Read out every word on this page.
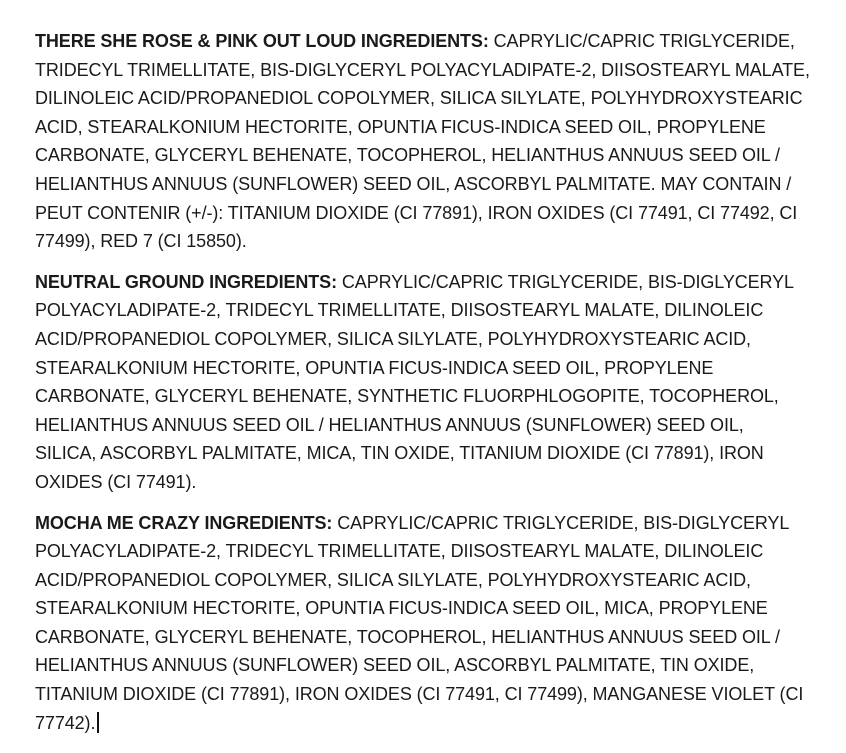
THERE SHE ROSE & PINK OUT LOUD INGREDIENTS: CAPRYLIC/CAPRIC TRIGLYCERIDE,
TRIDECYL TRIMELLITATE, BIS-DIGLYCERYL POLYACYLADIPATE-2, DIISOSTEARYL MALATE,
DILINOLEIC ACID/PROPANEDIOL COPOLYMER, SILICA SILYLATE, POLYHYDROXYSTEARIC
ACID, STEARALKONIUM HECTORITE, OPUNTIA FICUS-INDICA SEED OIL, PROPYLENE
CARBONATE, GLYCERYL BEHENATE, TOCOPHEROL, HELIANTHUS ANNUUS SEED OIL /
HELIANTHUS ANNUUS (SUNFLOWER) SEED OIL, ASCORBYL PALMITATE. MAY CONTAIN /
PEUT CONTENIR (+/-): TITANIUM DIOXIDE (CI 77891), IRON OXIDES (CI 77491, CI 77492, CI
77499), RED 7 (CI 15850).

NEUTRAL GROUND INGREDIENTS: CAPRYLIC/CAPRIC TRIGLYCERIDE, BIS-DIGLYCERYL
POLYACYLADIPATE-2, TRIDECYL TRIMELLITATE, DIISOSTEARYL MALATE, DILINOLEIC
ACID/PROPANEDIOL COPOLYMER, SILICA SILYLATE, POLYHYDROXYSTEARIC ACID,
STEARALKONIUM HECTORITE, OPUNTIA FICUS-INDICA SEED OIL, PROPYLENE
CARBONATE, GLYCERYL BEHENATE, SYNTHETIC FLUORPHLOGOPITE, TOCOPHEROL,
HELIANTHUS ANNUUS SEED OIL / HELIANTHUS ANNUUS (SUNFLOWER) SEED OIL,
SILICA, ASCORBYL PALMITATE, MICA, TIN OXIDE, TITANIUM DIOXIDE (CI 77891), IRON
OXIDES (CI 77491).

MOCHA ME CRAZY INGREDIENTS: CAPRYLIC/CAPRIC TRIGLYCERIDE, BIS-DIGLYCERYL
POLYACYLADIPATE-2, TRIDECYL TRIMELLITATE, DIISOSTEARYL MALATE, DILINOLEIC
ACID/PROPANEDIOL COPOLYMER, SILICA SILYLATE, POLYHYDROXYSTEARIC ACID,
STEARALKONIUM HECTORITE, OPUNTIA FICUS-INDICA SEED OIL, MICA, PROPYLENE
CARBONATE, GLYCERYL BEHENATE, TOCOPHEROL, HELIANTHUS ANNUUS SEED OIL /
HELIANTHUS ANNUUS (SUNFLOWER) SEED OIL, ASCORBYL PALMITATE, TIN OXIDE,
TITANIUM DIOXIDE (CI 77891), IRON OXIDES (CI 77491, CI 77499), MANGANESE VIOLET (CI
77742).
